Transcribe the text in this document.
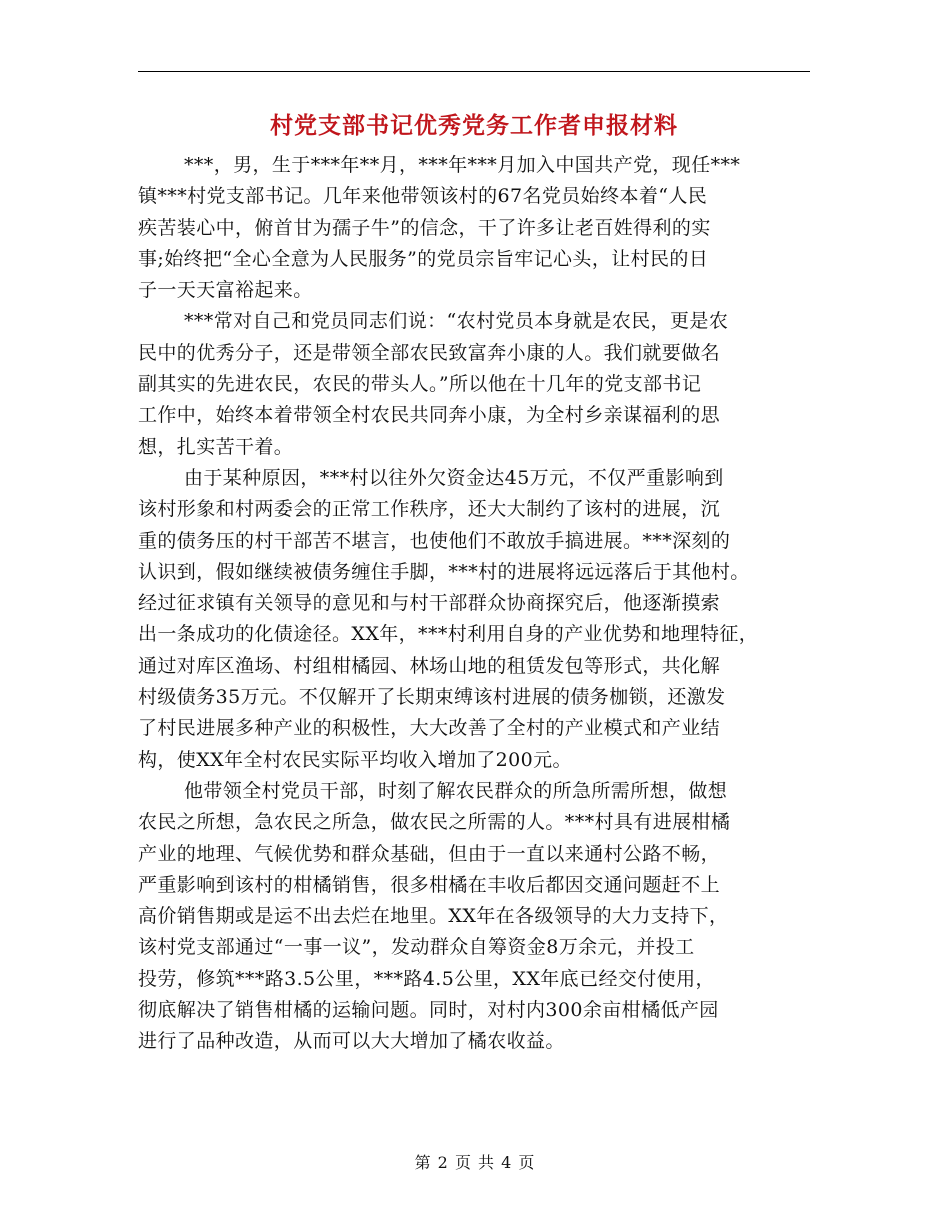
村党支部书记优秀党务工作者申报材料
***，男，生于***年**月，***年***月加入中国共产党，现任***
镇***村党支部书记。几年来他带领该村的67名党员始终本着“人民
疾苦装心中，俯首甘为孺子牛”的信念，干了许多让老百姓得利的实
事;始终把“全心全意为人民服务”的党员宗旨牢记心头，让村民的日
子一天天富裕起来。
***常对自己和党员同志们说：“农村党员本身就是农民，更是农
民中的优秀分子，还是带领全部农民致富奔小康的人。我们就要做名
副其实的先进农民，农民的带头人。”所以他在十几年的党支部书记
工作中，始终本着带领全村农民共同奔小康，为全村乡亲谋福利的思
想，扎实苦干着。
由于某种原因，***村以往外欠资金达45万元，不仅严重影响到
该村形象和村两委会的正常工作秩序，还大大制约了该村的进展，沉
重的债务压的村干部苦不堪言，也使他们不敢放手搞进展。***深刻的
认识到，假如继续被债务缠住手脚，***村的进展将远远落后于其他村。
经过征求镇有关领导的意见和与村干部群众协商探究后，他逐渐摸索
出一条成功的化债途径。XX年，***村利用自身的产业优势和地理特征，
通过对库区渔场、村组柑橘园、林场山地的租赁发包等形式，共化解
村级债务35万元。不仅解开了长期束缚该村进展的债务枷锁，还激发
了村民进展多种产业的积极性，大大改善了全村的产业模式和产业结
构，使XX年全村农民实际平均收入增加了200元。
他带领全村党员干部，时刻了解农民群众的所急所需所想，做想
农民之所想，急农民之所急，做农民之所需的人。***村具有进展柑橘
产业的地理、气候优势和群众基础，但由于一直以来通村公路不畅，
严重影响到该村的柑橘销售，很多柑橘在丰收后都因交通问题赶不上
高价销售期或是运不出去烂在地里。XX年在各级领导的大力支持下，
该村党支部通过“一事一议”，发动群众自筹资金8万余元，并投工
投劳，修筑***路3.5公里，***路4.5公里，XX年底已经交付使用，
彻底解决了销售柑橘的运输问题。同时，对村内300余亩柑橘低产园
进行了品种改造，从而可以大大增加了橘农收益。
第 2 页 共 4 页
